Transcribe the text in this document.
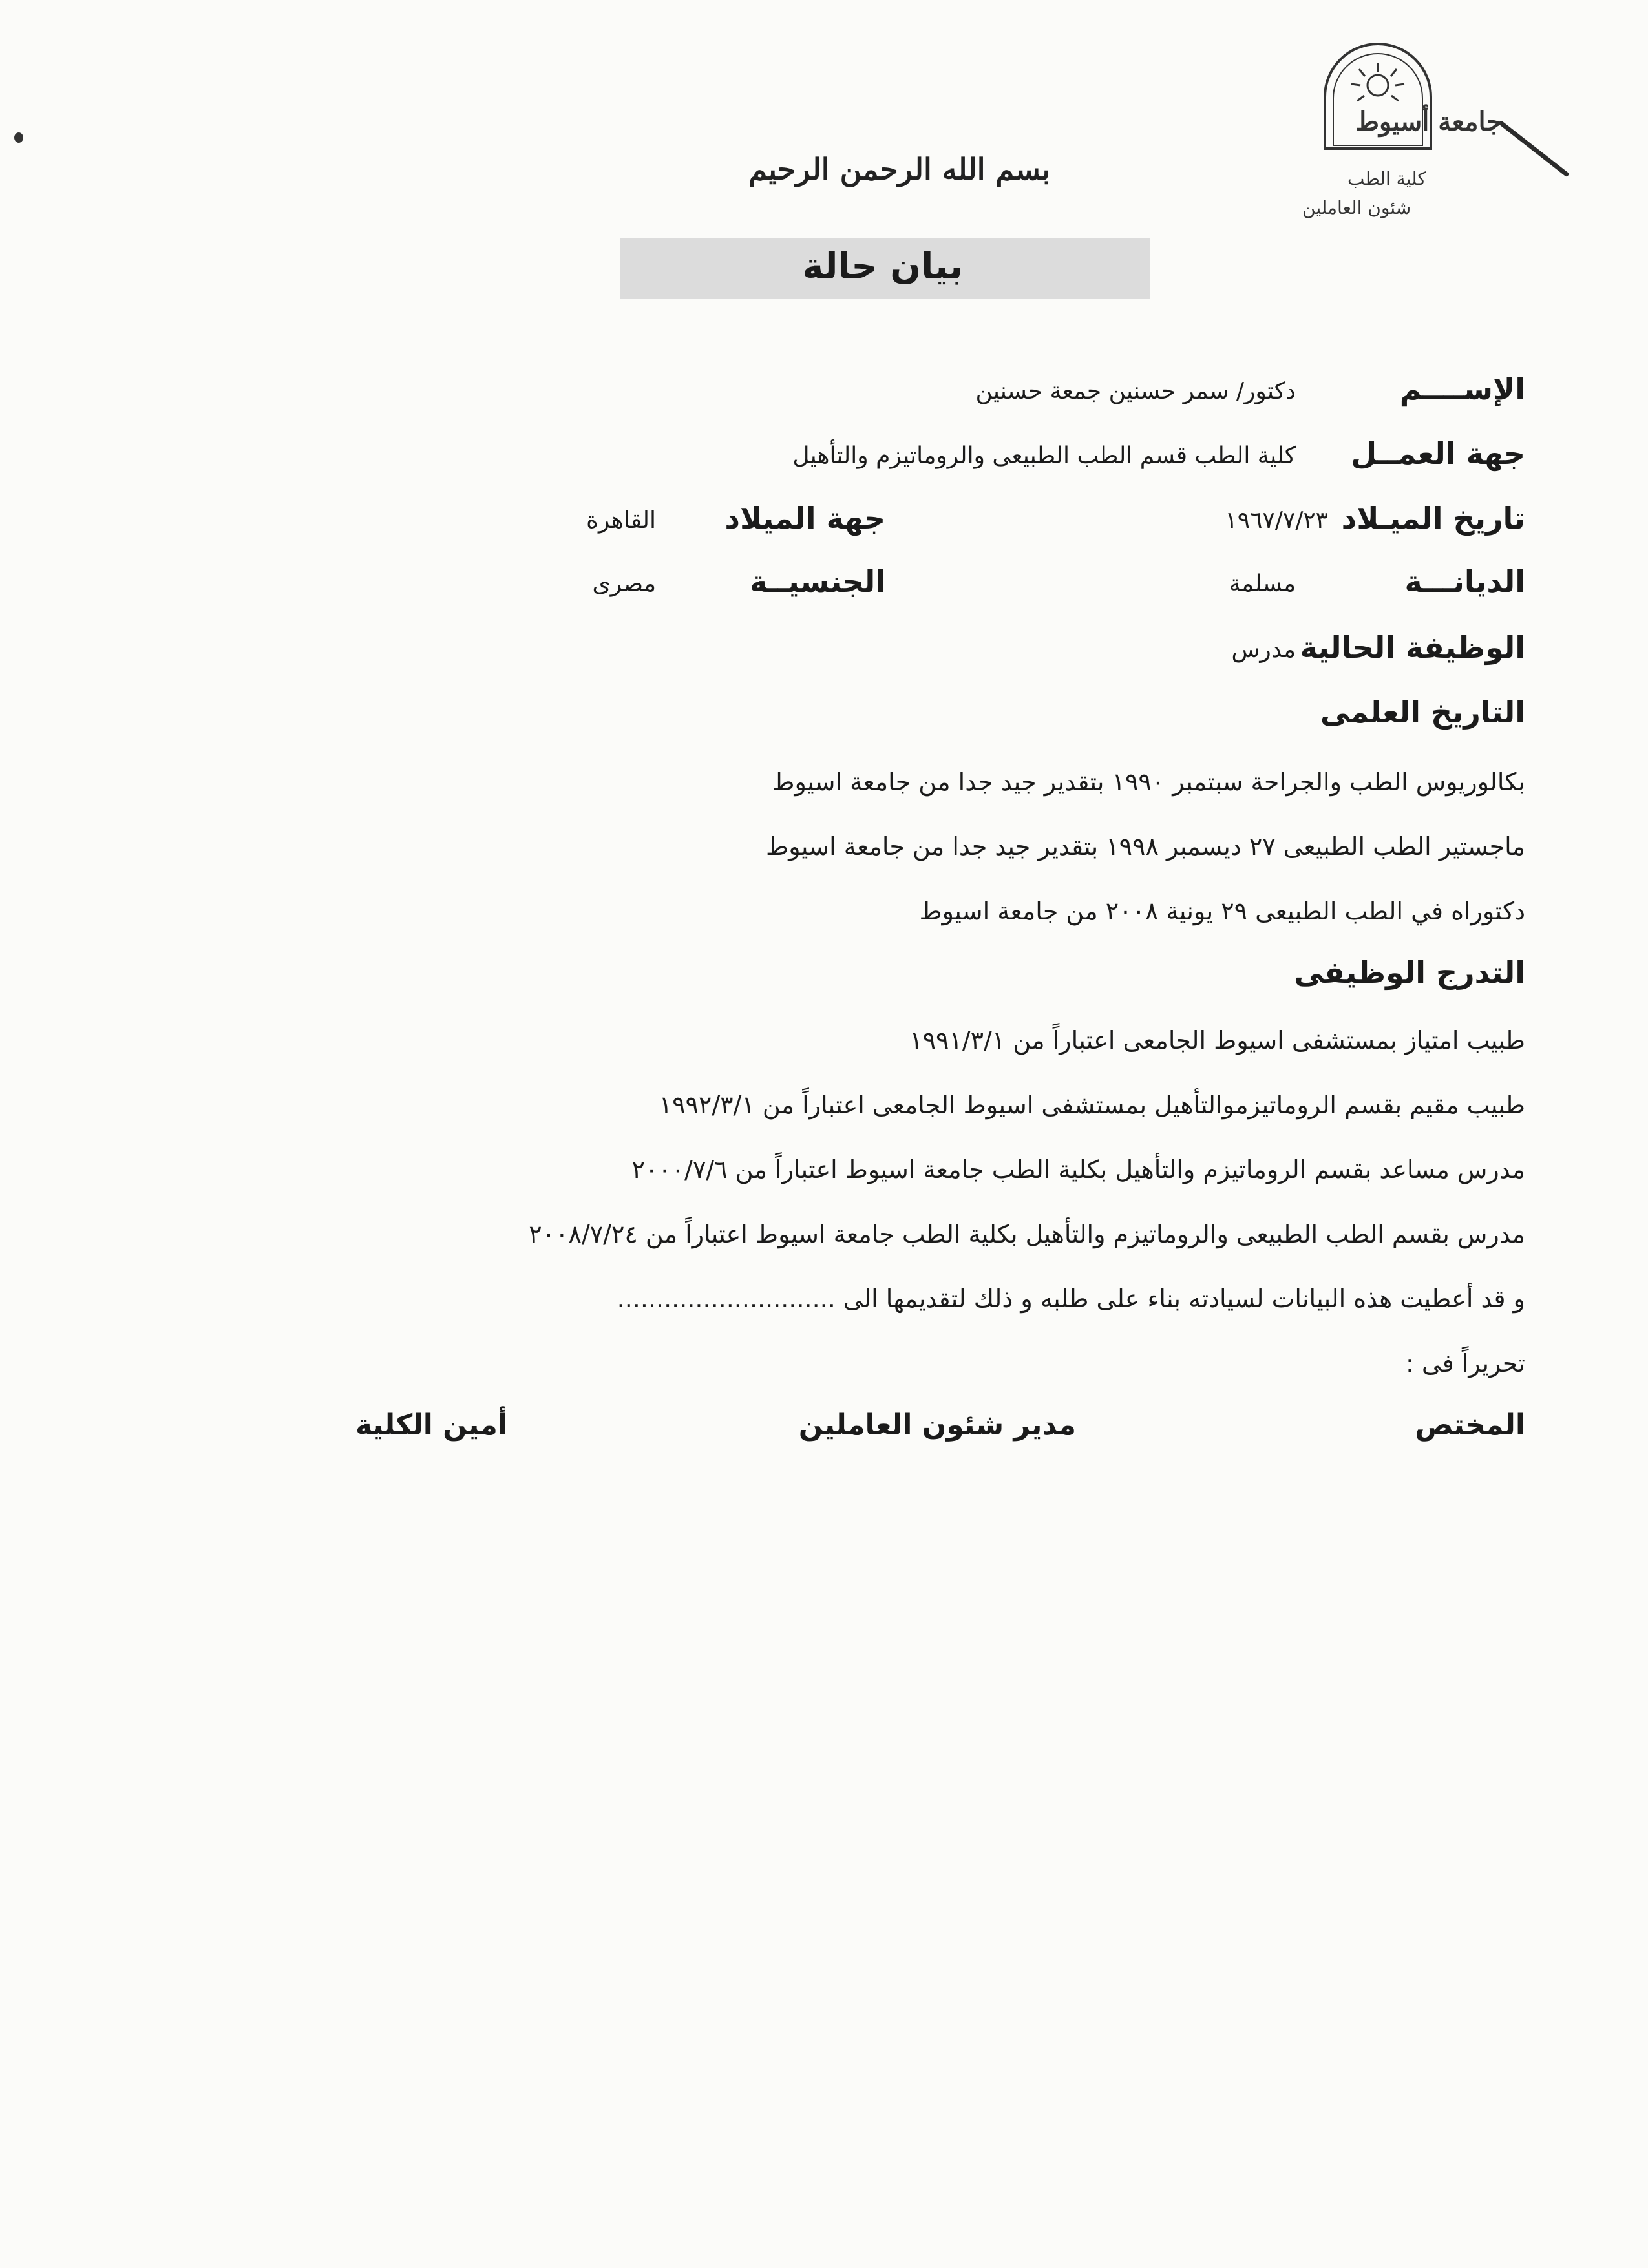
جامعة أسيوط
كلية الطب
شئون العاملين
بسم الله الرحمن الرحيم
بيان حالة
الإســــم
دكتور/ سمر حسنين جمعة حسنين
جهة العمــل
كلية الطب قسم الطب الطبيعى والروماتيزم والتأهيل
تاريخ الميـلاد
١٩٦٧/٧/٢٣
جهة الميلاد
القاهرة
الديانـــة
مسلمة
الجنسيــة
مصرى
الوظيفة الحالية
مدرس
التاريخ العلمى
بكالوريوس الطب والجراحة سبتمبر ١٩٩٠ بتقدير جيد جدا من جامعة اسيوط
ماجستير الطب الطبيعى ٢٧ ديسمبر ١٩٩٨ بتقدير جيد جدا من جامعة اسيوط
دكتوراه في الطب الطبيعى ٢٩ يونية ٢٠٠٨ من جامعة اسيوط
التدرج الوظيفى
طبيب امتياز بمستشفى اسيوط الجامعى اعتباراً من ١٩٩١/٣/١
طبيب مقيم بقسم الروماتيزموالتأهيل بمستشفى اسيوط الجامعى اعتباراً من ١٩٩٢/٣/١
مدرس مساعد بقسم الروماتيزم والتأهيل بكلية الطب جامعة اسيوط اعتباراً من ٢٠٠٠/٧/٦
مدرس بقسم الطب الطبيعى والروماتيزم والتأهيل بكلية الطب جامعة اسيوط اعتباراً من ٢٠٠٨/٧/٢٤
و قد أعطيت هذه البيانات لسيادته بناء على طلبه و ذلك لتقديمها الى ............................
تحريراً فى :
المختص
مدير شئون العاملين
أمين الكلية
